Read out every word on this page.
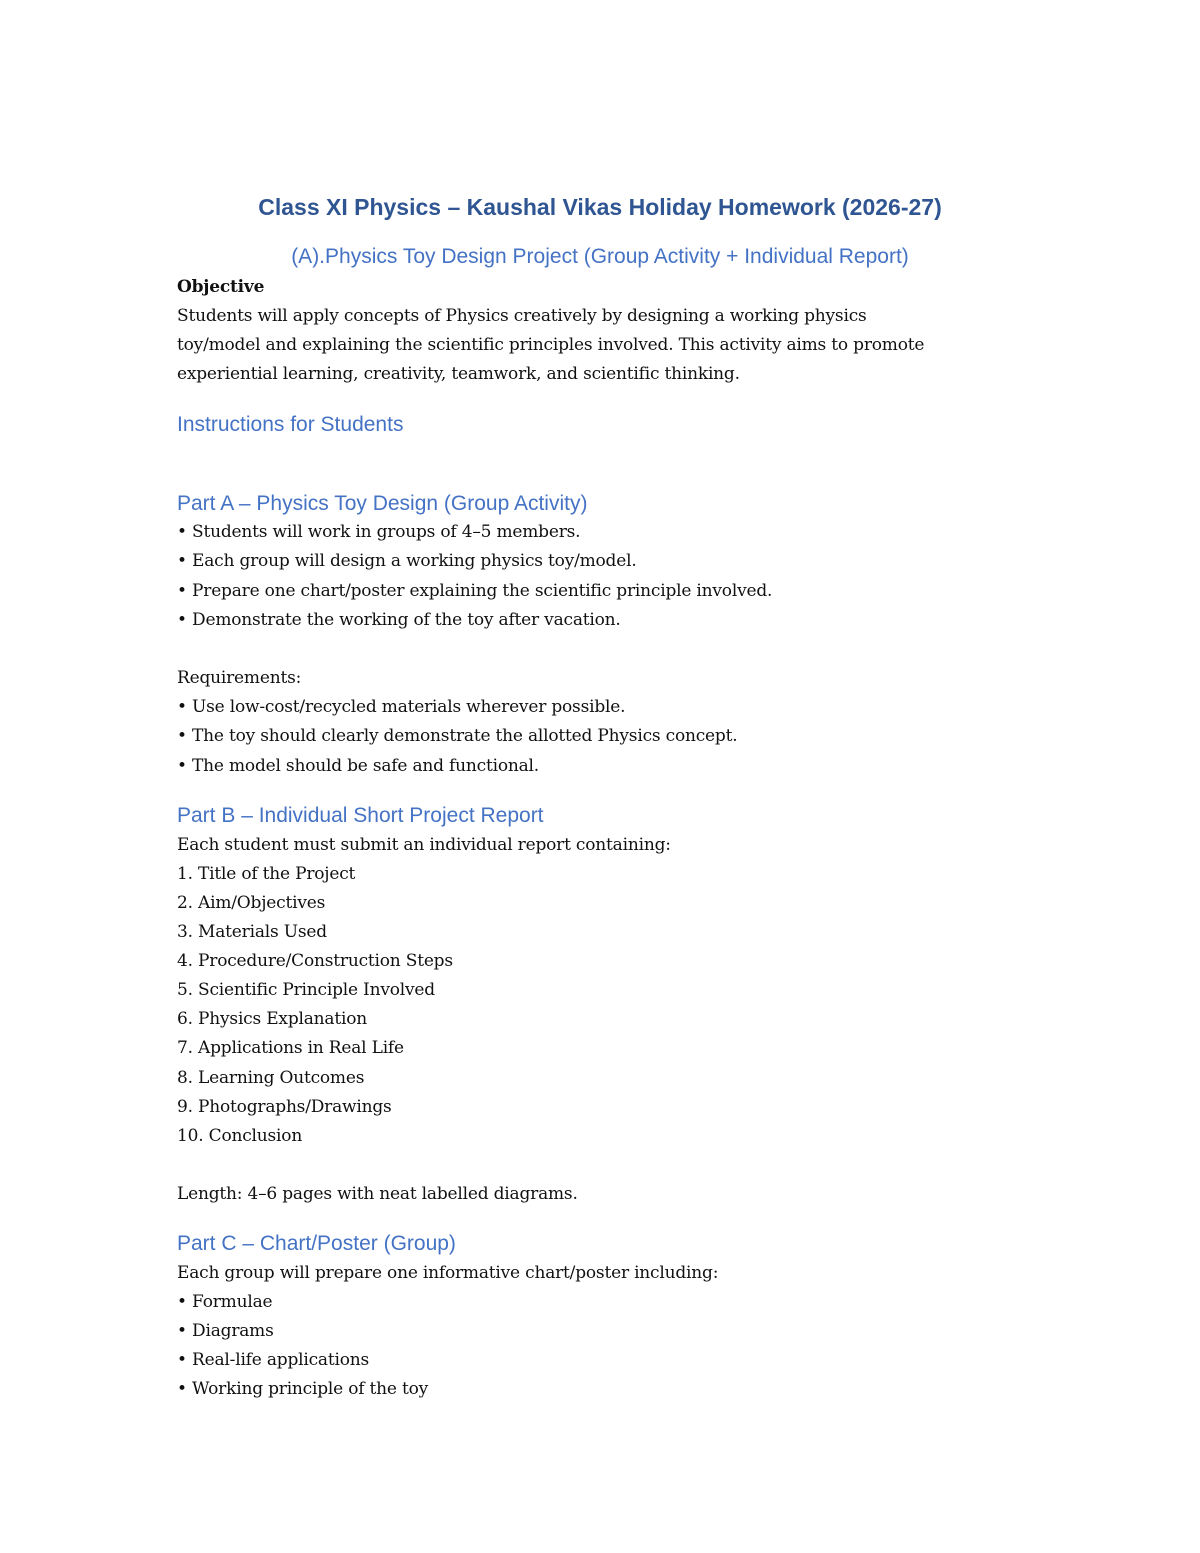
Class XI Physics – Kaushal Vikas Holiday Homework (2026-27)
(A).Physics Toy Design Project (Group Activity + Individual Report)
Objective
Students will apply concepts of Physics creatively by designing a working physics
toy/model and explaining the scientific principles involved. This activity aims to promote
experiential learning, creativity, teamwork, and scientific thinking.
Instructions for Students
Part A – Physics Toy Design (Group Activity)
• Students will work in groups of 4–5 members.
• Each group will design a working physics toy/model.
• Prepare one chart/poster explaining the scientific principle involved.
• Demonstrate the working of the toy after vacation.
Requirements:
• Use low-cost/recycled materials wherever possible.
• The toy should clearly demonstrate the allotted Physics concept.
• The model should be safe and functional.
Part B – Individual Short Project Report
Each student must submit an individual report containing:
1. Title of the Project
2. Aim/Objectives
3. Materials Used
4. Procedure/Construction Steps
5. Scientific Principle Involved
6. Physics Explanation
7. Applications in Real Life
8. Learning Outcomes
9. Photographs/Drawings
10. Conclusion
Length: 4–6 pages with neat labelled diagrams.
Part C – Chart/Poster (Group)
Each group will prepare one informative chart/poster including:
• Formulae
• Diagrams
• Real-life applications
• Working principle of the toy
